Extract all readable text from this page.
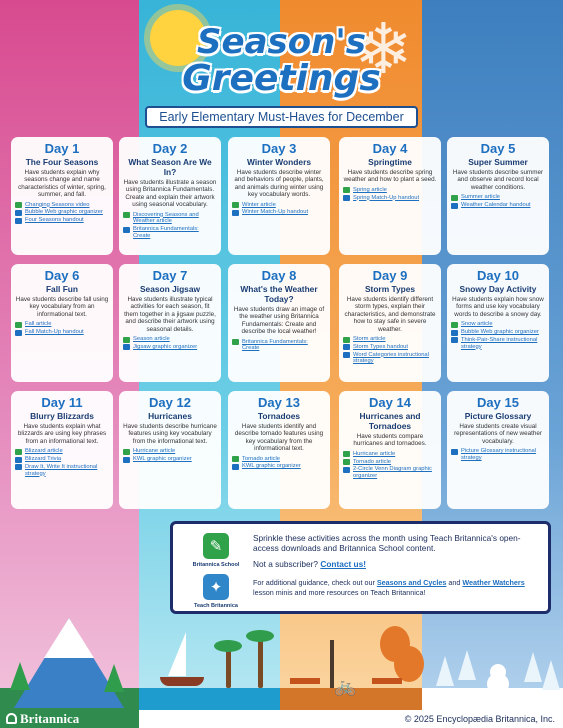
❄
Season's
Greetings
Early Elementary Must-Haves for December
Day 1
The Four Seasons
Have students explain why seasons change and name characteristics of winter, spring, summer, and fall.
Changing Seasons video
Bubble Web graphic organizer
Four Seasons handout
Day 2
What Season Are We In?
Have students illustrate a season using Britannica Fundamentals. Create and explain their artwork using seasonal vocabulary.
Discovering Seasons and Weather article
Britannica Fundamentals: Create
Day 3
Winter Wonders
Have students describe winter and behaviors of people, plants, and animals during winter using key vocabulary words.
Winter article
Winter Match-Up handout
Day 4
Springtime
Have students describe spring weather and how to plant a seed.
Spring article
Spring Match-Up handout
Day 5
Super Summer
Have students describe summer and observe and record local weather conditions.
Summer article
Weather Calendar handout
Day 6
Fall Fun
Have students describe fall using key vocabulary from an informational text.
Fall article
Fall Match-Up handout
Day 7
Season Jigsaw
Have students illustrate typical activities for each season, fit them together in a jigsaw puzzle, and describe their artwork using seasonal details.
Season article
Jigsaw graphic organizer
Day 8
What's the Weather Today?
Have students draw an image of the weather using Britannica Fundamentals: Create and describe the local weather!
Britannica Fundamentals: Create
Day 9
Storm Types
Have students identify different storm types, explain their characteristics, and demonstrate how to stay safe in severe weather.
Storm article
Storm Types handout
Word Categories instructional strategy
Day 10
Snowy Day Activity
Have students explain how snow forms and use key vocabulary words to describe a snowy day.
Snow article
Bubble Web graphic organizer
Think-Pair-Share instructional strategy
Day 11
Blurry Blizzards
Have students explain what blizzards are using key phrases from an informational text.
Blizzard article
Blizzard Trivia
Draw It, Write It instructional strategy
Day 12
Hurricanes
Have students describe hurricane features using key vocabulary from the informational text.
Hurricane article
KWL graphic organizer
Day 13
Tornadoes
Have students identify and describe tornado features using key vocabulary from the informational text.
Tornado article
KWL graphic organizer
Day 14
Hurricanes and Tornadoes
Have students compare hurricanes and tornadoes.
Hurricane article
Tornado article
2-Circle Venn Diagram graphic organizer
Day 15
Picture Glossary
Have students create visual representations of new weather vocabulary.
Picture Glossary instructional strategy
✎
Britannica School
✦
Teach Britannica
Sprinkle these activities across the month using Teach Britannica's open-access downloads and Britannica School content.
Not a subscriber? Contact us!
For additional guidance, check out our Seasons and Cycles and Weather Watchers lesson minis and more resources on Teach Britannica!
🚲
Britannica	© 2025 Encyclopædia Britannica, Inc.
